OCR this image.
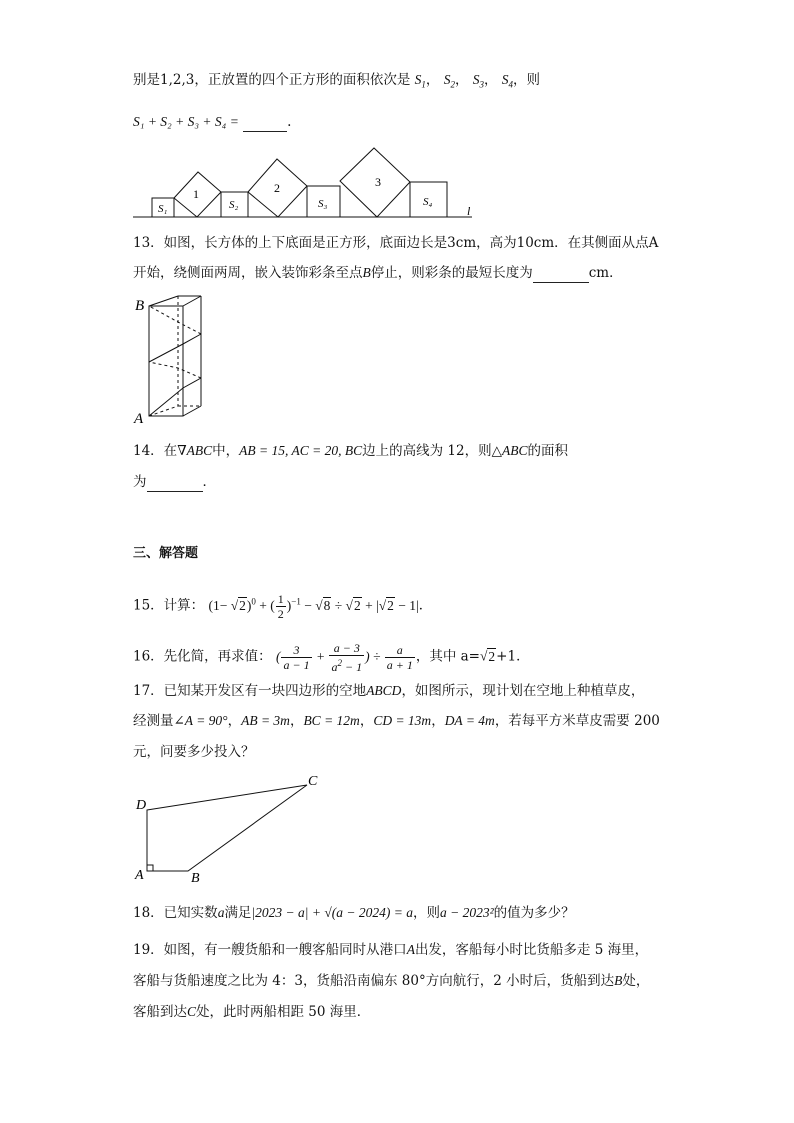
别是1,2,3，正放置的四个正方形的面积依次是 $S_1$， $S_2$， $S_3$， $S_4$，则
S₁ + S₂ + S₃ + S₄ =	.
S₁
1
S₂
2
S₃
3
S₄
l
13．如图，长方体的上下底面是正方形，底面边长是3cm，高为10cm．在其侧面从点A
开始，绕侧面两周，嵌入装饰彩条至点B停止，则彩条的最短长度为	cm．
B
A
14．在∇ABC中，AB = 15, AC = 20, BC边上的高线为 12，则△ABC的面积
为	．
三、解答题
15．计算： $(1- √2)^0$ + ( $\frac{1}{2} )^{-1} - √8 \div √2 + |√2 - 1|$．
16．先化简，再求值： ( $\frac{3}{a - 1} + \frac{a - 3}{a^2 - 1}$ ) ÷ $\frac{a}{a + 1}$ ，其中 a=√2+1．
17．已知某开发区有一块四边形的空地ABCD，如图所示，现计划在空地上种植草皮，
经测量∠A = 90°，AB = 3m，BC = 12m，CD = 13m，DA = 4m，若每平方米草皮需要 200
元，问要多少投入？
C
D
A	B
18．已知实数a满足|2023 − a| + √(a − 2024) = a，则a − 2023²的值为多少？
19．如图，有一艘货船和一艘客船同时从港口A出发，客船每小时比货船多走 5 海里，
客船与货船速度之比为 4：3，货船沿南偏东 80°方向航行，2 小时后，货船到达B处，
客船到达C处，此时两船相距 50 海里．
